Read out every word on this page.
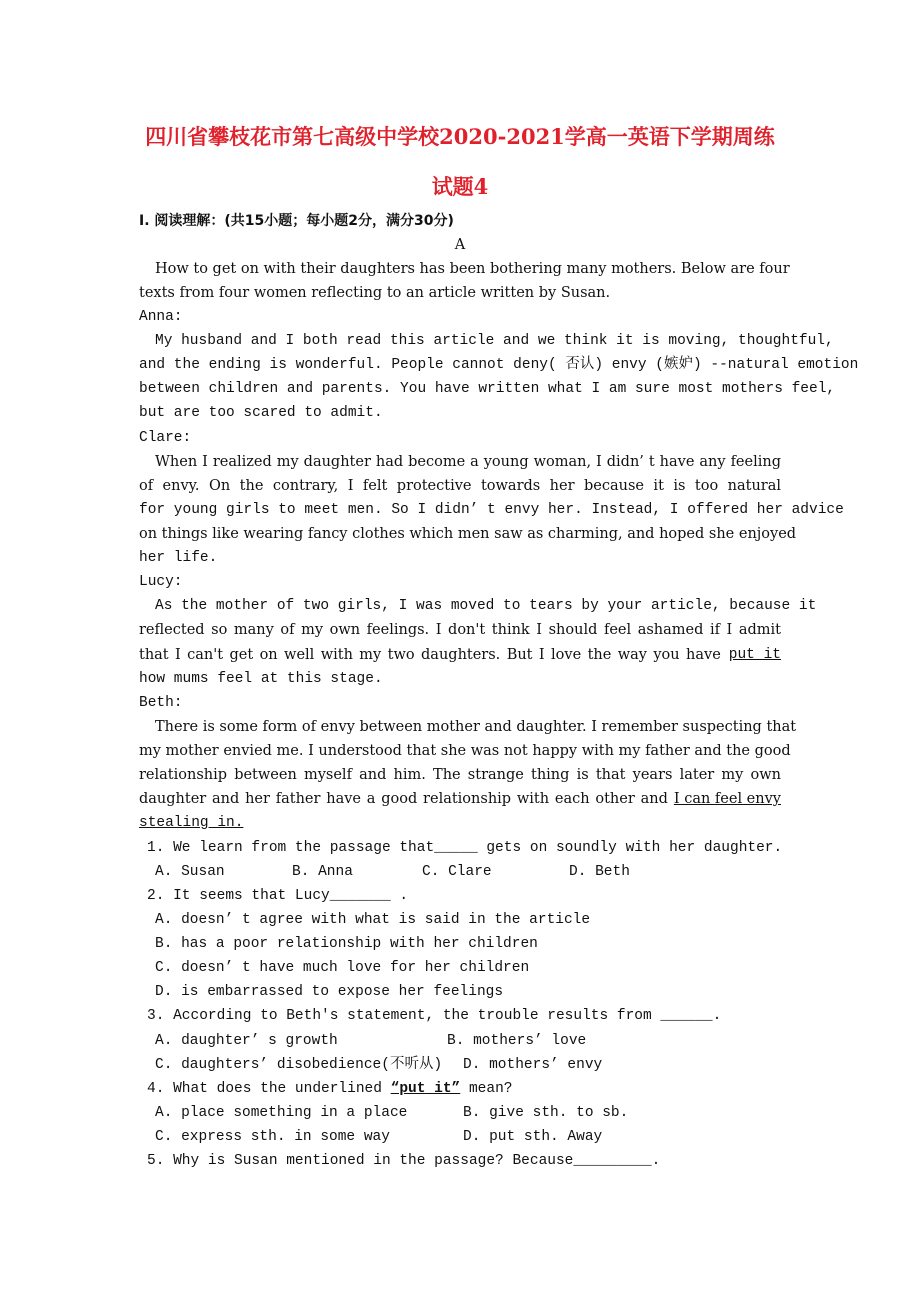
四川省攀枝花市第七高级中学校2020-2021学高一英语下学期周练
试题4
I. 阅读理解：(共15小题；每小题2分，满分30分)
A
How to get on with their daughters has been bothering many mothers. Below are four
texts from four women reflecting to an article written by Susan.
Anna:
My husband and I both read this article and we think it is moving, thoughtful,
and the ending is wonderful. People cannot deny( 否认) envy (嫉妒) --natural emotion
between children and parents. You have written what I am sure most mothers feel,
but are too scared to admit.
Clare:
When I realized my daughter had become a young woman, I didn’ t have any feeling
of envy. On the contrary, I felt protective towards her because it is too natural
for young girls to meet men. So I didn’ t envy her. Instead, I offered her advice
on things like wearing fancy clothes which men saw as charming, and hoped she enjoyed
her life.
Lucy:
As the mother of two girls, I was moved to tears by your article, because it
reflected so many of my own feelings. I don't think I should feel ashamed if I admit
that I can't get on well with my two daughters. But I love the way you have put it
how mums feel at this stage.
Beth:
There is some form of envy between mother and daughter. I remember suspecting that
my mother envied me. I understood that she was not happy with my father and the good
relationship between myself and him. The strange thing is that years later my own
daughter and her father have a good relationship with each other and I can feel envy
stealing in.
1. We learn from the passage that_____ gets on soundly with her daughter.
A. Susan	B. Anna	C. Clare	D. Beth
2. It seems that Lucy_______ .
A. doesn’ t agree with what is said in the article
B. has a poor relationship with her children
C. doesn’ t have much love for her children
D. is embarrassed to expose her feelings
3. According to Beth's statement, the trouble results from ______.
A. daughter’ s growth	B. mothers’ love
C. daughters’ disobedience(不听从) D. mothers’ envy
4. What does the underlined “put it” mean?
A. place something in a place	B. give sth. to sb.
C. express sth. in some way	D. put sth. Away
5. Why is Susan mentioned in the passage? Because_________.
